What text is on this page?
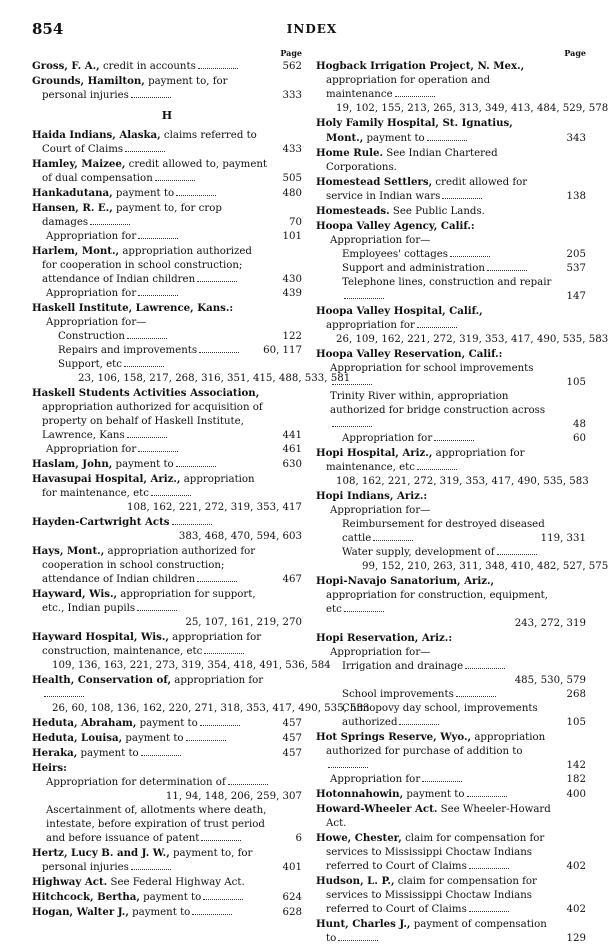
854	INDEX
Page
Gross, F. A., credit in accounts	562
Grounds, Hamilton, payment to, for personal injuries	333
H
Haida Indians, Alaska, claims referred to Court of Claims	433
Hamley, Maizee, credit allowed to, payment of dual compensation	505
Hankadutana, payment to	480
Hansen, R. E., payment to, for crop damages	70
Appropriation for	101
Harlem, Mont., appropriation authorized for cooperation in school construction; attendance of Indian children	430
Appropriation for	439
Haskell Institute, Lawrence, Kans.:
Appropriation for—
Construction	122
Repairs and improvements	60, 117
Support, etc
23, 106, 158, 217, 268, 316, 351, 415, 488, 533, 581
Haskell Students Activities Association, appropriation authorized for acquisition of property on behalf of Haskell Institute, Lawrence, Kans	441
Appropriation for	461
Haslam, John, payment to	630
Havasupai Hospital, Ariz., appropriation for maintenance, etc
108, 162, 221, 272, 319, 353, 417
Hayden-Cartwright Acts
383, 468, 470, 594, 603
Hays, Mont., appropriation authorized for cooperation in school construction; attendance of Indian children	467
Hayward, Wis., appropriation for support, etc., Indian pupils
25, 107, 161, 219, 270
Hayward Hospital, Wis., appropriation for construction, maintenance, etc
109, 136, 163, 221, 273, 319, 354, 418, 491, 536, 584
Health, Conservation of, appropriation for
26, 60, 108, 136, 162, 220, 271, 318, 353, 417, 490, 535, 583
Heduta, Abraham, payment to	457
Heduta, Louisa, payment to	457
Heraka, payment to	457
Heirs:
Appropriation for determination of
11, 94, 148, 206, 259, 307
Ascertainment of, allotments where death, intestate, before expiration of trust period and before issuance of patent	6
Hertz, Lucy B. and J. W., payment to, for personal injuries	401
Highway Act. See Federal Highway Act.
Hitchcock, Bertha, payment to	624
Hogan, Walter J., payment to	628
Page
Hogback Irrigation Project, N. Mex., appropriation for operation and maintenance
19, 102, 155, 213, 265, 313, 349, 413, 484, 529, 578
Holy Family Hospital, St. Ignatius, Mont., payment to	343
Home Rule. See Indian Chartered Corporations.
Homestead Settlers, credit allowed for service in Indian wars	138
Homesteads. See Public Lands.
Hoopa Valley Agency, Calif.:
Appropriation for—
Employees' cottages	205
Support and administration	537
Telephone lines, construction and repair
147
Hoopa Valley Hospital, Calif., appropriation for
26, 109, 162, 221, 272, 319, 353, 417, 490, 535, 583
Hoopa Valley Reservation, Calif.:
Appropriation for school improvements
105
Trinity River within, appropriation authorized for bridge construction across
48
Appropriation for	60
Hopi Hospital, Ariz., appropriation for maintenance, etc
108, 162, 221, 272, 319, 353, 417, 490, 535, 583
Hopi Indians, Ariz.:
Appropriation for—
Reimbursement for destroyed diseased cattle	119, 331
Water supply, development of
99, 152, 210, 263, 311, 348, 410, 482, 527, 575
Hopi-Navajo Sanatorium, Ariz., appropriation for construction, equipment, etc
243, 272, 319
Hopi Reservation, Ariz.:
Appropriation for—
Irrigation and drainage
485, 530, 579
School improvements	268
Chimopovy day school, improvements authorized	105
Hot Springs Reserve, Wyo., appropriation authorized for purchase of addition to
142
Appropriation for	182
Hotonnahowin, payment to	400
Howard-Wheeler Act. See Wheeler-Howard Act.
Howe, Chester, claim for compensation for services to Mississippi Choctaw Indians referred to Court of Claims	402
Hudson, L. P., claim for compensation for services to Mississippi Choctaw Indians referred to Court of Claims	402
Hunt, Charles J., payment of compensation to	129
